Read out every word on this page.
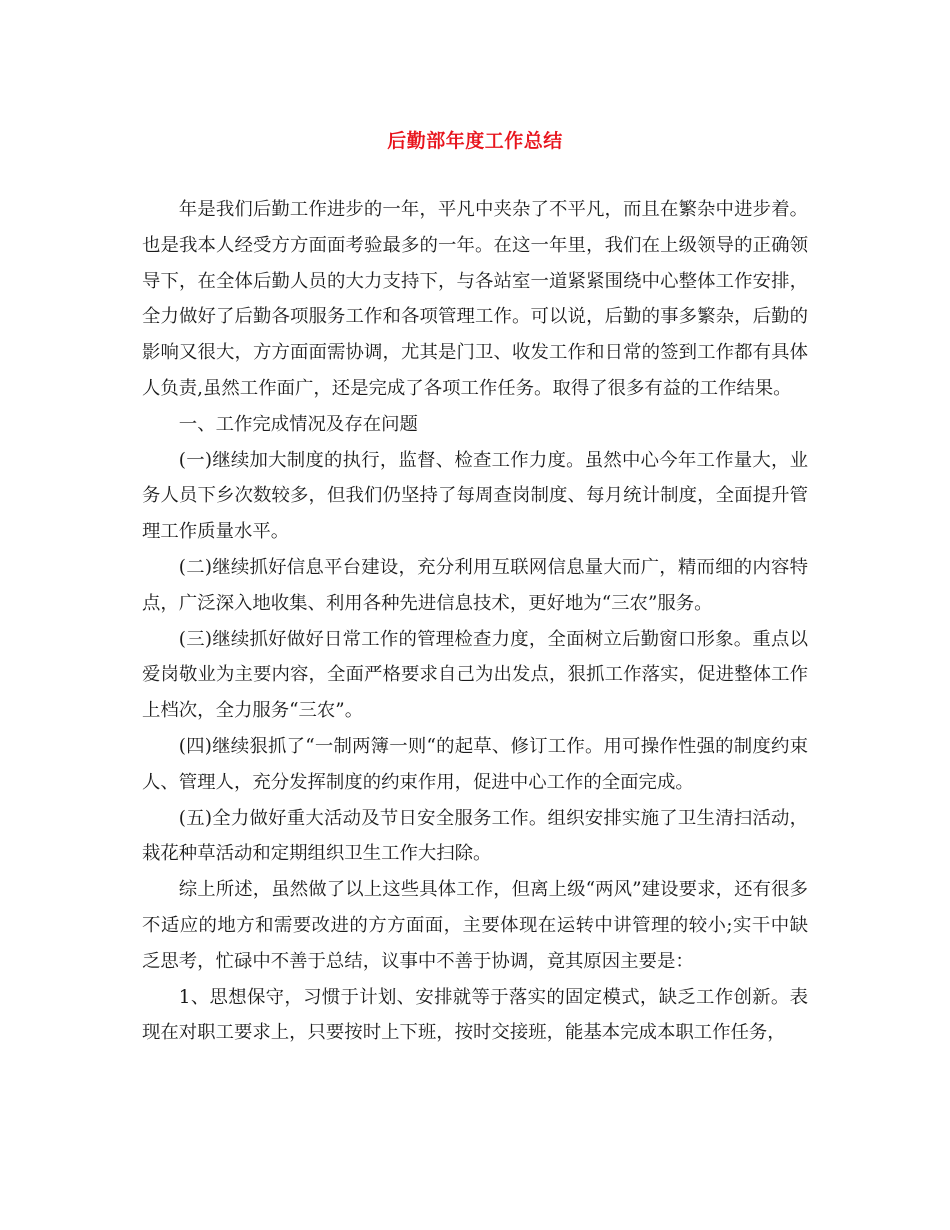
后勤部年度工作总结

年是我们后勤工作进步的一年，平凡中夹杂了不平凡，而且在繁杂中进步着。也是我本人经受方方面面考验最多的一年。在这一年里，我们在上级领导的正确领导下，在全体后勤人员的大力支持下，与各站室一道紧紧围绕中心整体工作安排，全力做好了后勤各项服务工作和各项管理工作。可以说，后勤的事多繁杂，后勤的影响又很大，方方面面需协调，尤其是门卫、收发工作和日常的签到工作都有具体人负责,虽然工作面广，还是完成了各项工作任务。取得了很多有益的工作结果。

一、工作完成情况及存在问题

(一)继续加大制度的执行，监督、检查工作力度。虽然中心今年工作量大，业务人员下乡次数较多，但我们仍坚持了每周查岗制度、每月统计制度，全面提升管理工作质量水平。

(二)继续抓好信息平台建设，充分利用互联网信息量大而广，精而细的内容特点，广泛深入地收集、利用各种先进信息技术，更好地为“三农”服务。

(三)继续抓好做好日常工作的管理检查力度，全面树立后勤窗口形象。重点以爱岗敬业为主要内容，全面严格要求自己为出发点，狠抓工作落实，促进整体工作上档次，全力服务“三农”。

(四)继续狠抓了“一制两簿一则“的起草、修订工作。用可操作性强的制度约束人、管理人，充分发挥制度的约束作用，促进中心工作的全面完成。

(五)全力做好重大活动及节日安全服务工作。组织安排实施了卫生清扫活动，栽花种草活动和定期组织卫生工作大扫除。

综上所述，虽然做了以上这些具体工作，但离上级“两风”建设要求，还有很多不适应的地方和需要改进的方方面面，主要体现在运转中讲管理的较小;实干中缺乏思考，忙碌中不善于总结，议事中不善于协调，竟其原因主要是：

1、思想保守，习惯于计划、安排就等于落实的固定模式，缺乏工作创新。表现在对职工要求上，只要按时上下班，按时交接班，能基本完成本职工作任务，
